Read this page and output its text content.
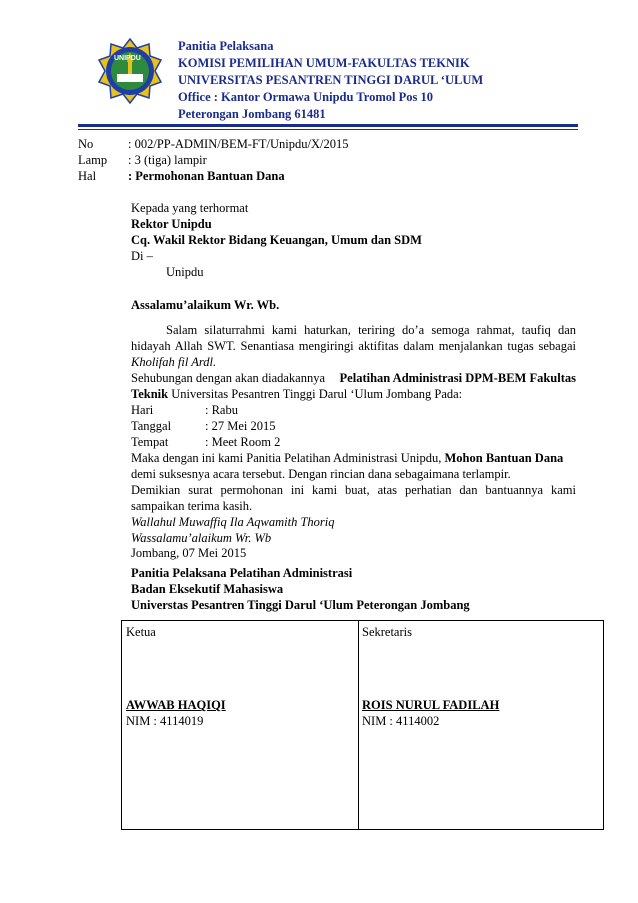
UNIPDU
Panitia Pelaksana
KOMISI PEMILIHAN UMUM-FAKULTAS TEKNIK
UNIVERSITAS PESANTREN TINGGI DARUL ‘ULUM
Office : Kantor Ormawa Unipdu Tromol Pos 10
Peterongan Jombang 61481
No	: 002/PP-ADMIN/BEM-FT/Unipdu/X/2015
Lamp : 3 (tiga) lampir
Hal	: Permohonan Bantuan Dana
Kepada yang terhormat
Rektor Unipdu
Cq. Wakil Rektor Bidang Keuangan, Umum dan SDM
Di –
Unipdu
Assalamu’alaikum Wr. Wb.
Salam silaturrahmi kami haturkan, teriring do’a semoga rahmat, taufiq dan
hidayah Allah SWT. Senantiasa mengiringi aktifitas dalam menjalankan tugas sebagai
Kholifah fil Ardl.
Sehubungan dengan akan diadakannya Pelatihan Administrasi DPM-BEM Fakultas
Teknik Universitas Pesantren Tinggi Darul ‘Ulum Jombang Pada:
Hari	: Rabu
Tanggal	: 27 Mei 2015
Tempat	: Meet Room 2
Maka dengan ini kami Panitia Pelatihan Administrasi Unipdu, Mohon Bantuan Dana
demi suksesnya acara tersebut. Dengan rincian dana sebagaimana terlampir.
Demikian surat permohonan ini kami buat, atas perhatian dan bantuannya kami
sampaikan terima kasih.
Wallahul Muwaffiq Ila Aqwamith Thoriq
Wassalamu’alaikum Wr. Wb
Jombang, 07 Mei 2015
Panitia Pelaksana Pelatihan Administrasi
Badan Eksekutif Mahasiswa
Universtas Pesantren Tinggi Darul ‘Ulum Peterongan Jombang
Ketua
AWWAB HAQIQI
NIM : 4114019
Sekretaris
ROIS NURUL FADILAH
NIM : 4114002
